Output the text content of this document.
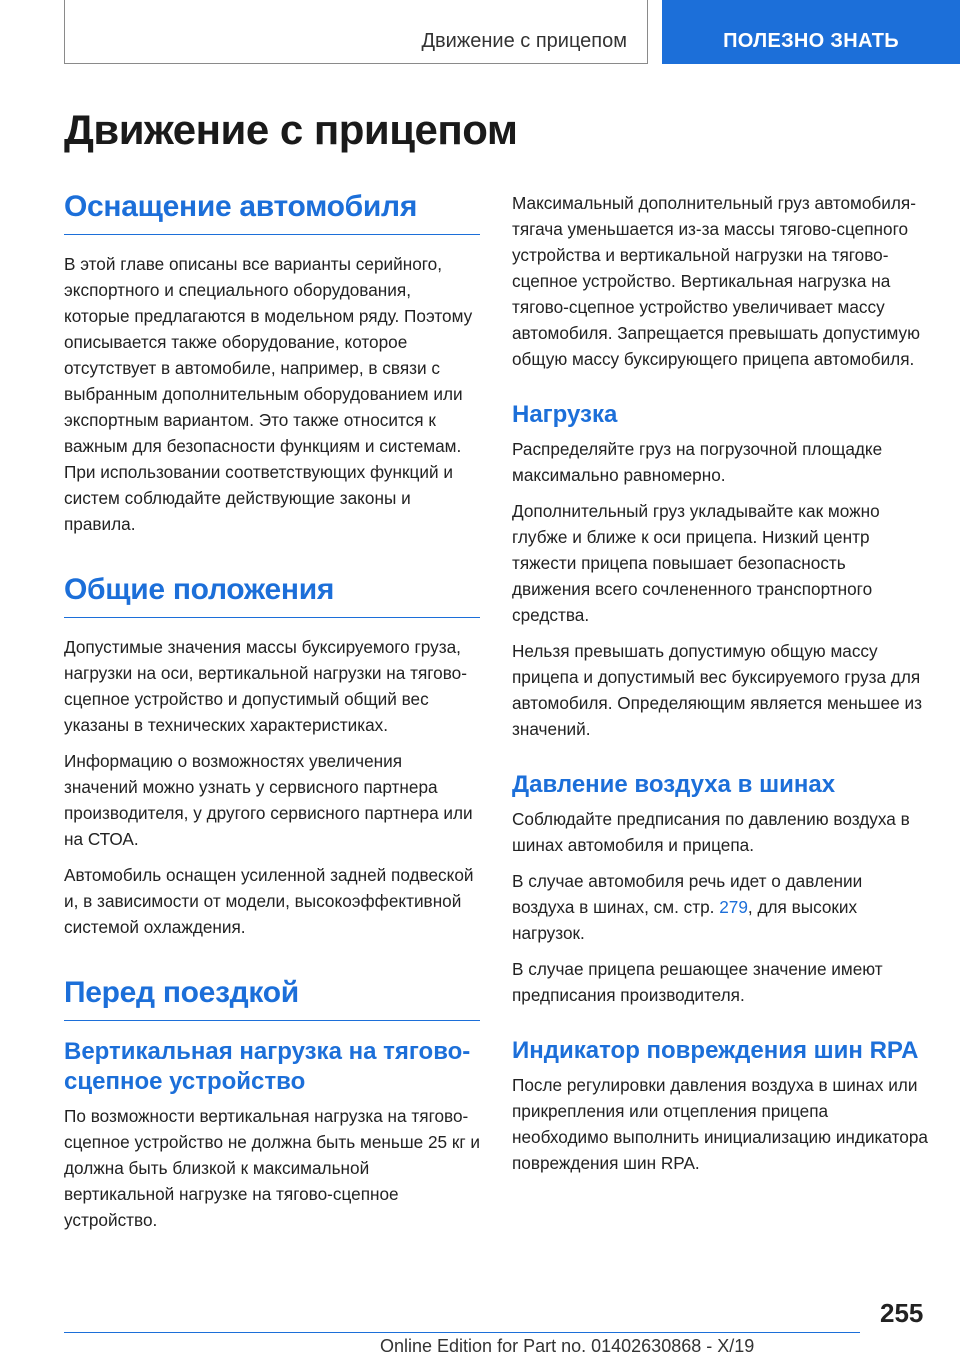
Движение с прицепом	ПОЛЕЗНО ЗНАТЬ
Движение с прицепом
Оснащение автомобиля

В этой главе описаны все варианты серийного, экспортного и специального оборудования, которые предлагаются в модельном ряду. Поэтому описывается также оборудование, которое отсутствует в автомобиле, например, в связи с выбранным дополнительным оборудованием или экспортным вариантом. Это также относится к важным для безопасности функциям и системам. При использовании соответствующих функций и систем соблюдайте действующие законы и правила.

Общие положения

Допустимые значения массы буксируемого груза, нагрузки на оси, вертикальной нагрузки на тягово-сцепное устройство и допустимый общий вес указаны в технических характеристиках.

Информацию о возможностях увеличения значений можно узнать у сервисного партнера производителя, у другого сервисного партнера или на СТОА.

Автомобиль оснащен усиленной задней подвеской и, в зависимости от модели, высокоэффективной системой охлаждения.

Перед поездкой
Вертикальная нагрузка на тягово-сцепное устройство

По возможности вертикальная нагрузка на тягово-сцепное устройство не должна быть меньше 25 кг и должна быть близкой к максимальной вертикальной нагрузке на тягово-сцепное устройство.

Максимальный дополнительный груз автомобиля-тягача уменьшается из-за массы тягово-сцепного устройства и вертикальной нагрузки на тягово-сцепное устройство. Вертикальная нагрузка на тягово-сцепное устройство увеличивает массу автомобиля. Запрещается превышать допустимую общую массу буксирующего прицепа автомобиля.

Нагрузка

Распределяйте груз на погрузочной площадке максимально равномерно.

Дополнительный груз укладывайте как можно глубже и ближе к оси прицепа. Низкий центр тяжести прицепа повышает безопасность движения всего сочлененного транспортного средства.

Нельзя превышать допустимую общую массу прицепа и допустимый вес буксируемого груза для автомобиля. Определяющим является меньшее из значений.

Давление воздуха в шинах

Соблюдайте предписания по давлению воздуха в шинах автомобиля и прицепа.

В случае автомобиля речь идет о давлении воздуха в шинах, см. стр. 279, для высоких нагрузок.

В случае прицепа решающее значение имеют предписания производителя.

Индикатор повреждения шин RPA

После регулировки давления воздуха в шинах или прикрепления или отцепления прицепа необходимо выполнить инициализацию индикатора повреждения шин RPA.

255
Online Edition for Part no. 01402630868 - X/19
